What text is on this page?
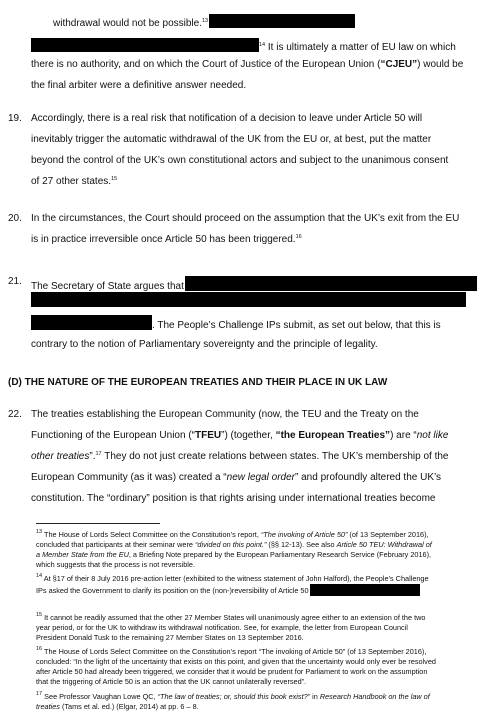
withdrawal would not be possible.$^{13}$
$^{14}$ It is ultimately a matter of EU law on which
there is no authority, and on which the Court of Justice of the European Union (“CJEU”) would be
the final arbiter were a definitive answer needed.
19. Accordingly, there is a real risk that notification of a decision to leave under Article 50 will
inevitably trigger the automatic withdrawal of the UK from the EU or, at best, put the matter
beyond the control of the UK’s own constitutional actors and subject to the unanimous consent
of 27 other states.$^{15}$
20. In the circumstances, the Court should proceed on the assumption that the UK’s exit from the EU
is in practice irreversible once Article 50 has been triggered.$^{16}$
21. The Secretary of State argues that
. The People’s Challenge IPs submit, as set out below, that this is
contrary to the notion of Parliamentary sovereignty and the principle of legality.
(D) THE NATURE OF THE EUROPEAN TREATIES AND THEIR PLACE IN UK LAW
22. The treaties establishing the European Community (now, the TEU and the Treaty on the
Functioning of the European Union (“TFEU”) (together, “the European Treaties”) are “not like
other treaties”.$^{17}$ They do not just create relations between states. The UK’s membership of the
European Community (as it was) created a “new legal order” and profoundly altered the UK’s
constitution. The “ordinary” position is that rights arising under international treaties become
$^{13}$ The House of Lords Select Committee on the Constitution’s report, “The invoking of Article 50” (of 13 September 2016),
concluded that participants at their seminar were “divided on this point.” (§§ 12-13). See also Article 50 TEU: Withdrawal of
a Member State from the EU, a Briefing Note prepared by the European Parliamentary Research Service (February 2016),
which suggests that the process is not reversible.
$^{14}$ At §17 of their 8 July 2016 pre-action letter (exhibited to the witness statement of John Halford), the People’s Challenge
IPs asked the Government to clarify its position on the (non-)reversibility of Article 50
$^{15}$ It cannot be readily assumed that the other 27 Member States will unanimously agree either to an extension of the two
year period, or for the UK to withdraw its withdrawal notification. See, for example, the letter from European Council
President Donald Tusk to the remaining 27 Member States on 13 September 2016.
$^{16}$ The House of Lords Select Committee on the Constitution’s report “The invoking of Article 50” (of 13 September 2016),
concluded: “In the light of the uncertainty that exists on this point, and given that the uncertainty would only ever be resolved
after Article 50 had already been triggered, we consider that it would be prudent for Parliament to work on the assumption
that the triggering of Article 50 is an action that the UK cannot unilaterally reversed”.
$^{17}$ See Professor Vaughan Lowe QC, “The law of treaties; or, should this book exist?” in Research Handbook on the law of
treaties (Tams et al. ed.) (Elgar, 2014) at pp. 6 – 8.
